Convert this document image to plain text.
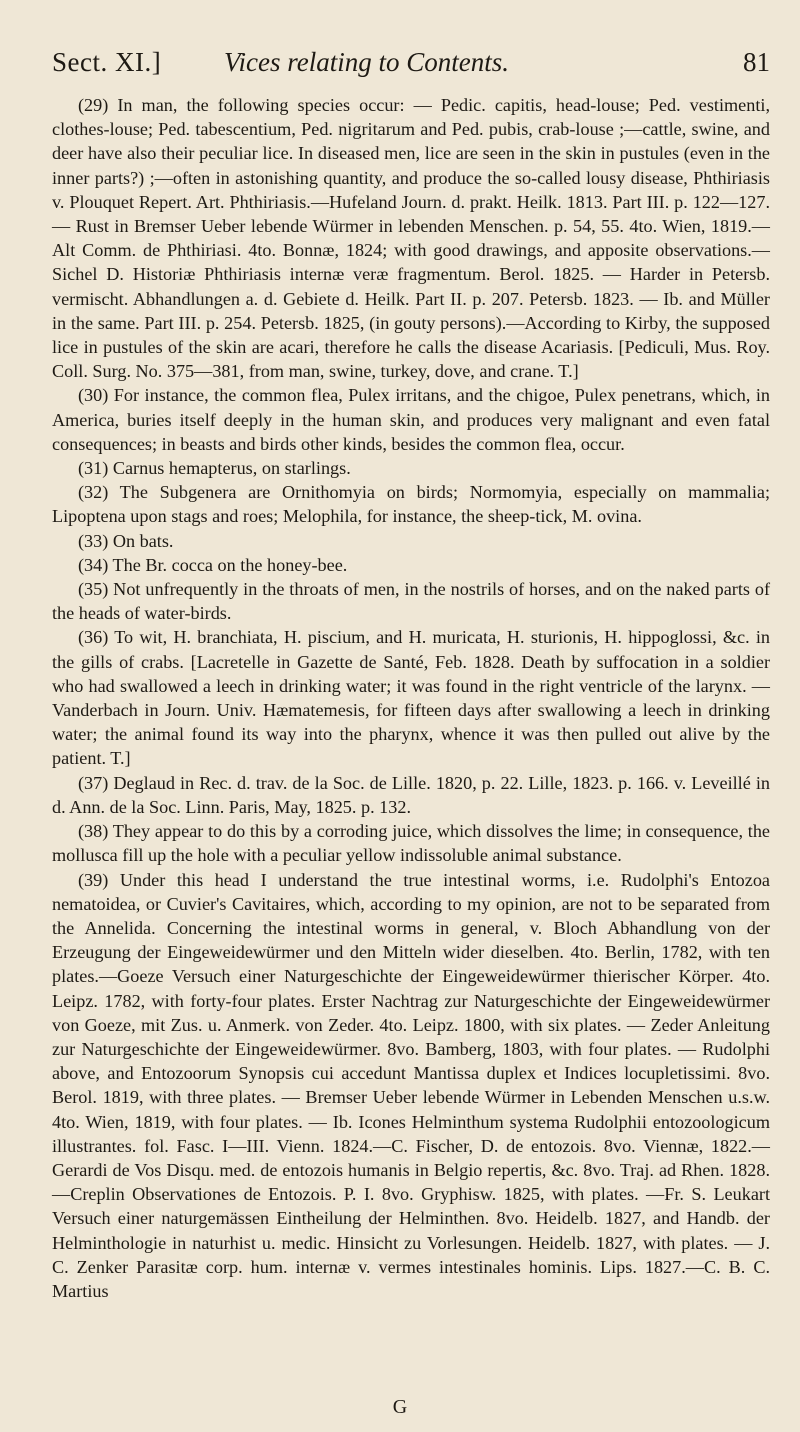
Sect. XI.] Vices relating to Contents.	81

(29) In man, the following species occur: — Pedic. capitis, head-louse; Ped. vestimenti, clothes-louse; Ped. tabescentium, Ped. nigritarum and Ped. pubis, crab-louse ;—cattle, swine, and deer have also their peculiar lice. In diseased men, lice are seen in the skin in pustules (even in the inner parts?) ;—often in astonishing quantity, and produce the so-called lousy disease, Phthiriasis v. Plouquet Repert. Art. Phthiriasis.—Hufeland Journ. d. prakt. Heilk. 1813. Part III. p. 122—127. — Rust in Bremser Ueber lebende Würmer in lebenden Menschen. p. 54, 55. 4to. Wien, 1819.—Alt Comm. de Phthiriasi. 4to. Bonnæ, 1824; with good drawings, and apposite observations.—Sichel D. Historiæ Phthiriasis internæ veræ fragmentum. Berol. 1825. — Harder in Petersb. vermischt. Abhandlungen a. d. Gebiete d. Heilk. Part II. p. 207. Petersb. 1823. — Ib. and Müller in the same. Part III. p. 254. Petersb. 1825, (in gouty persons).—According to Kirby, the supposed lice in pustules of the skin are acari, therefore he calls the disease Acariasis. [Pediculi, Mus. Roy. Coll. Surg. No. 375—381, from man, swine, turkey, dove, and crane. T.]

(30) For instance, the common flea, Pulex irritans, and the chigoe, Pulex penetrans, which, in America, buries itself deeply in the human skin, and produces very malignant and even fatal consequences; in beasts and birds other kinds, besides the common flea, occur.

(31) Carnus hemapterus, on starlings.

(32) The Subgenera are Ornithomyia on birds; Normomyia, especially on mammalia; Lipoptena upon stags and roes; Melophila, for instance, the sheep-tick, M. ovina.

(33) On bats.

(34) The Br. cocca on the honey-bee.

(35) Not unfrequently in the throats of men, in the nostrils of horses, and on the naked parts of the heads of water-birds.

(36) To wit, H. branchiata, H. piscium, and H. muricata, H. sturionis, H. hippoglossi, &c. in the gills of crabs. [Lacretelle in Gazette de Santé, Feb. 1828. Death by suffocation in a soldier who had swallowed a leech in drinking water; it was found in the right ventricle of the larynx. — Vanderbach in Journ. Univ. Hæmatemesis, for fifteen days after swallowing a leech in drinking water; the animal found its way into the pharynx, whence it was then pulled out alive by the patient. T.]

(37) Deglaud in Rec. d. trav. de la Soc. de Lille. 1820, p. 22. Lille, 1823. p. 166. v. Leveillé in d. Ann. de la Soc. Linn. Paris, May, 1825. p. 132.

(38) They appear to do this by a corroding juice, which dissolves the lime; in consequence, the mollusca fill up the hole with a peculiar yellow indissoluble animal substance.

(39) Under this head I understand the true intestinal worms, i.e. Rudolphi's Entozoa nematoidea, or Cuvier's Cavitaires, which, according to my opinion, are not to be separated from the Annelida. Concerning the intestinal worms in general, v. Bloch Abhandlung von der Erzeugung der Eingeweidewürmer und den Mitteln wider dieselben. 4to. Berlin, 1782, with ten plates.—Goeze Versuch einer Naturgeschichte der Eingeweidewürmer thierischer Körper. 4to. Leipz. 1782, with forty-four plates. Erster Nachtrag zur Naturgeschichte der Eingeweidewürmer von Goeze, mit Zus. u. Anmerk. von Zeder. 4to. Leipz. 1800, with six plates. — Zeder Anleitung zur Naturgeschichte der Eingeweidewürmer. 8vo. Bamberg, 1803, with four plates. — Rudolphi above, and Entozoorum Synopsis cui accedunt Mantissa duplex et Indices locupletissimi. 8vo. Berol. 1819, with three plates. — Bremser Ueber lebende Würmer in Lebenden Menschen u.s.w. 4to. Wien, 1819, with four plates. — Ib. Icones Helminthum systema Rudolphii entozoologicum illustrantes. fol. Fasc. I—III. Vienn. 1824.—C. Fischer, D. de entozois. 8vo. Viennæ, 1822.—Gerardi de Vos Disqu. med. de entozois humanis in Belgio repertis, &c. 8vo. Traj. ad Rhen. 1828.—Creplin Observationes de Entozois. P. I. 8vo. Gryphisw. 1825, with plates. —Fr. S. Leukart Versuch einer naturgemässen Eintheilung der Helminthen. 8vo. Heidelb. 1827, and Handb. der Helminthologie in naturhist u. medic. Hinsicht zu Vorlesungen. Heidelb. 1827, with plates. — J. C. Zenker Parasitæ corp. hum. internæ v. vermes intestinales hominis. Lips. 1827.—C. B. C. Martius

G
